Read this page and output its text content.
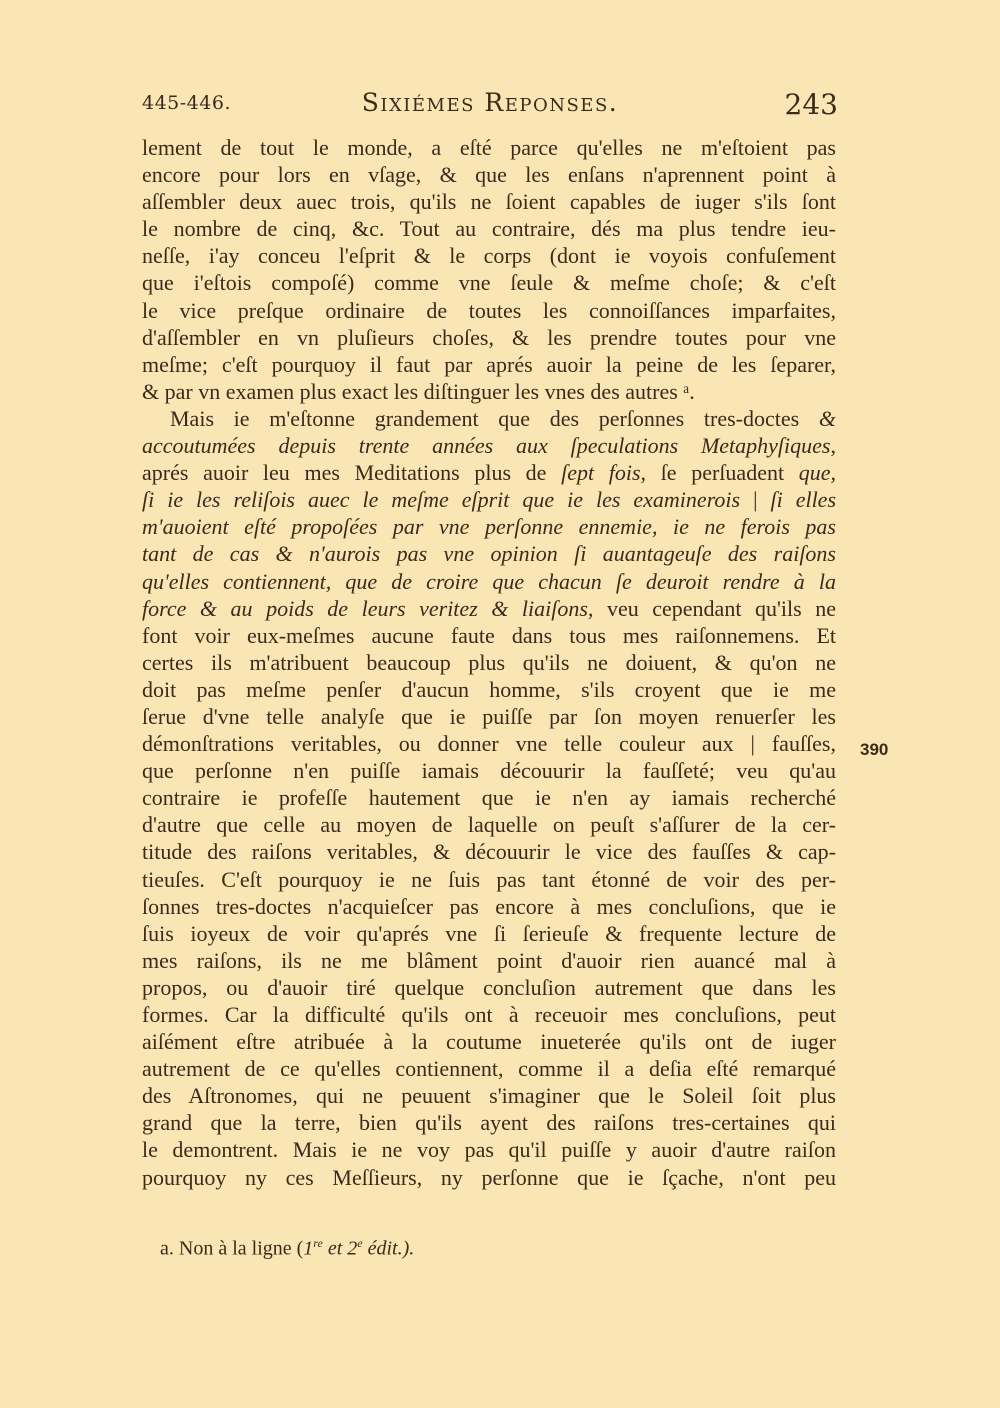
445-446.	Sixiémes Reponses.	243
lement de tout le monde, a eſté parce qu'elles ne m'eſtoient pas
encore pour lors en vſage, & que les enſans n'aprennent point à
aſſembler deux auec trois, qu'ils ne ſoient capables de iuger s'ils ſont
le nombre de cinq, &c. Tout au contraire, dés ma plus tendre ieu-
neſſe, i'ay conceu l'eſprit & le corps (dont ie voyois confuſement
que i'eſtois compoſé) comme vne ſeule & meſme choſe; & c'eſt
le vice preſque ordinaire de toutes les connoiſſances imparfaites,
d'aſſembler en vn pluſieurs choſes, & les prendre toutes pour vne
meſme; c'eſt pourquoy il faut par aprés auoir la peine de les ſeparer,
& par vn examen plus exact les diſtinguer les vnes des autres ᵃ.
Mais ie m'eſtonne grandement que des perſonnes tres-doctes &
accoutumées depuis trente années aux ſpeculations Metaphyſiques,
aprés auoir leu mes Meditations plus de ſept fois, ſe perſuadent que,
ſi ie les reliſois auec le meſme eſprit que ie les examinerois | ſi elles
m'auoient eſté propoſées par vne perſonne ennemie, ie ne ferois pas
tant de cas & n'aurois pas vne opinion ſi auantageuſe des raiſons
qu'elles contiennent, que de croire que chacun ſe deuroit rendre à la
force & au poids de leurs veritez & liaiſons, veu cependant qu'ils ne
font voir eux-meſmes aucune faute dans tous mes raiſonnemens. Et
certes ils m'atribuent beaucoup plus qu'ils ne doiuent, & qu'on ne
doit pas meſme penſer d'aucun homme, s'ils croyent que ie me
ſerue d'vne telle analyſe que ie puiſſe par ſon moyen renuerſer les
démonſtrations veritables, ou donner vne telle couleur aux | fauſſes,
que perſonne n'en puiſſe iamais découurir la fauſſeté; veu qu'au
contraire ie profeſſe hautement que ie n'en ay iamais recherché
d'autre que celle au moyen de laquelle on peuſt s'aſſurer de la cer-
titude des raiſons veritables, & découurir le vice des fauſſes & cap-
tieuſes. C'eſt pourquoy ie ne ſuis pas tant étonné de voir des per-
ſonnes tres-doctes n'acquieſcer pas encore à mes concluſions, que ie
ſuis ioyeux de voir qu'aprés vne ſi ſerieuſe & frequente lecture de
mes raiſons, ils ne me blâment point d'auoir rien auancé mal à
propos, ou d'auoir tiré quelque concluſion autrement que dans les
formes. Car la difficulté qu'ils ont à receuoir mes concluſions, peut
aiſément eſtre atribuée à la coutume inueterée qu'ils ont de iuger
autrement de ce qu'elles contiennent, comme il a deſia eſté remarqué
des Aſtronomes, qui ne peuuent s'imaginer que le Soleil ſoit plus
grand que la terre, bien qu'ils ayent des raiſons tres-certaines qui
le demontrent. Mais ie ne voy pas qu'il puiſſe y auoir d'autre raiſon
pourquoy ny ces Meſſieurs, ny perſonne que ie ſçache, n'ont peu
390
a. Non à la ligne (1re et 2e édit.).
